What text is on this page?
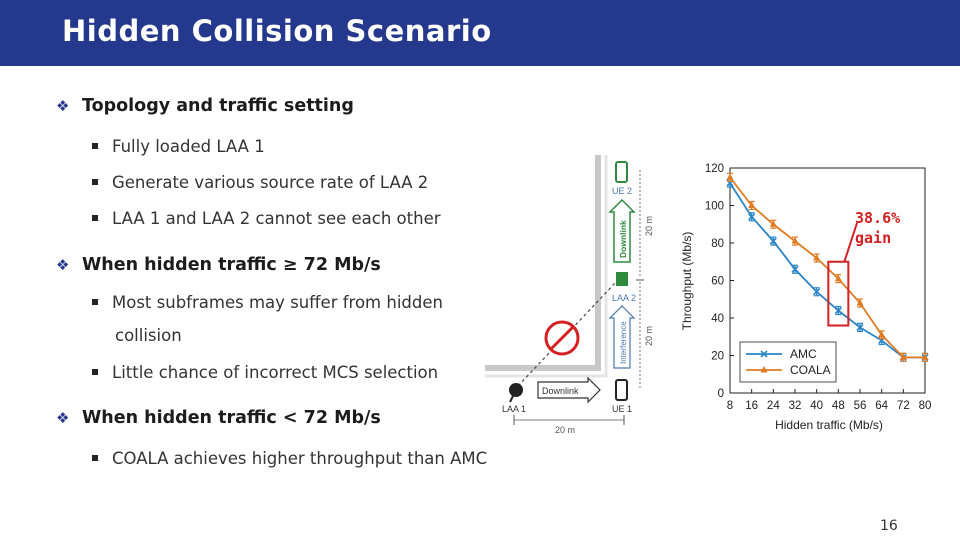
Hidden Collision Scenario
❖ Topology and traffic setting
Fully loaded LAA 1
Generate various source rate of LAA 2
LAA 1 and LAA 2 cannot see each other
❖ When hidden traffic ≥ 72 Mb/s
Most subframes may suffer from hidden
collision
Little chance of incorrect MCS selection
❖ When hidden traffic < 72 Mb/s
COALA achieves higher throughput than AMC
UE 2
Downlink
LAA 2
Interference
LAA 1
Downlink
UE 1
20 m
20 m
20 m
Throughput (Mb/s)
Hidden traffic (Mb/s)
0
20
40
60
80
100
120
8 16 24 32 40 48 56 64 72 80
AMC
COALA
38.6%
gain
16
